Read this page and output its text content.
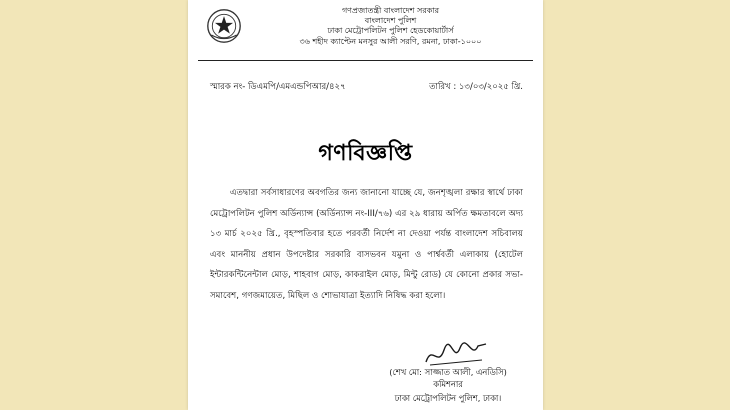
গণপ্রজাতন্ত্রী বাংলাদেশ সরকার
বাংলাদেশ পুলিশ
ঢাকা মেট্রোপলিটন পুলিশ হেডকোয়ার্টার্স
৩৬ শহীদ ক্যাপ্টেন মনসুর আলী সরণি, রমনা, ঢাকা-১০০০
স্মারক নং- ডিএমপি/এমএন্ডপিআর/৪২৭	তারিখ : ১৩/০৩/২০২৫ খ্রি.
গণবিজ্ঞপ্তি
এতদ্বারা সর্বসাধারণের অবগতির জন্য জানানো যাচ্ছে যে, জনশৃঙ্খলা রক্ষার স্বার্থে ঢাকা মেট্রোপলিটন পুলিশ অর্ডিন্যান্স (অর্ডিন্যান্স নং-III/৭৬) এর ২৯ ধারায় অর্পিত ক্ষমতাবলে অদ্য ১৩ মার্চ ২০২৫ খ্রি., বৃহস্পতিবার হতে পরবর্তী নির্দেশ না দেওয়া পর্যন্ত বাংলাদেশ সচিবালয় এবং মাননীয় প্রধান উপদেষ্টার সরকারি বাসভবন যমুনা ও পার্শ্ববর্তী এলাকায় (হোটেল ইন্টারকন্টিনেন্টাল মোড়, শাহবাগ মোড়, কাকরাইল মোড়, মিন্টু রোড) যে কোনো প্রকার সভা-সমাবেশ, গণজমায়েত, মিছিল ও শোভাযাত্রা ইত্যাদি নিষিদ্ধ করা হলো।
(শেখ মো: সাজ্জাত আলী, এনডিসি)
কমিশনার
ঢাকা মেট্রোপলিটন পুলিশ, ঢাকা।
